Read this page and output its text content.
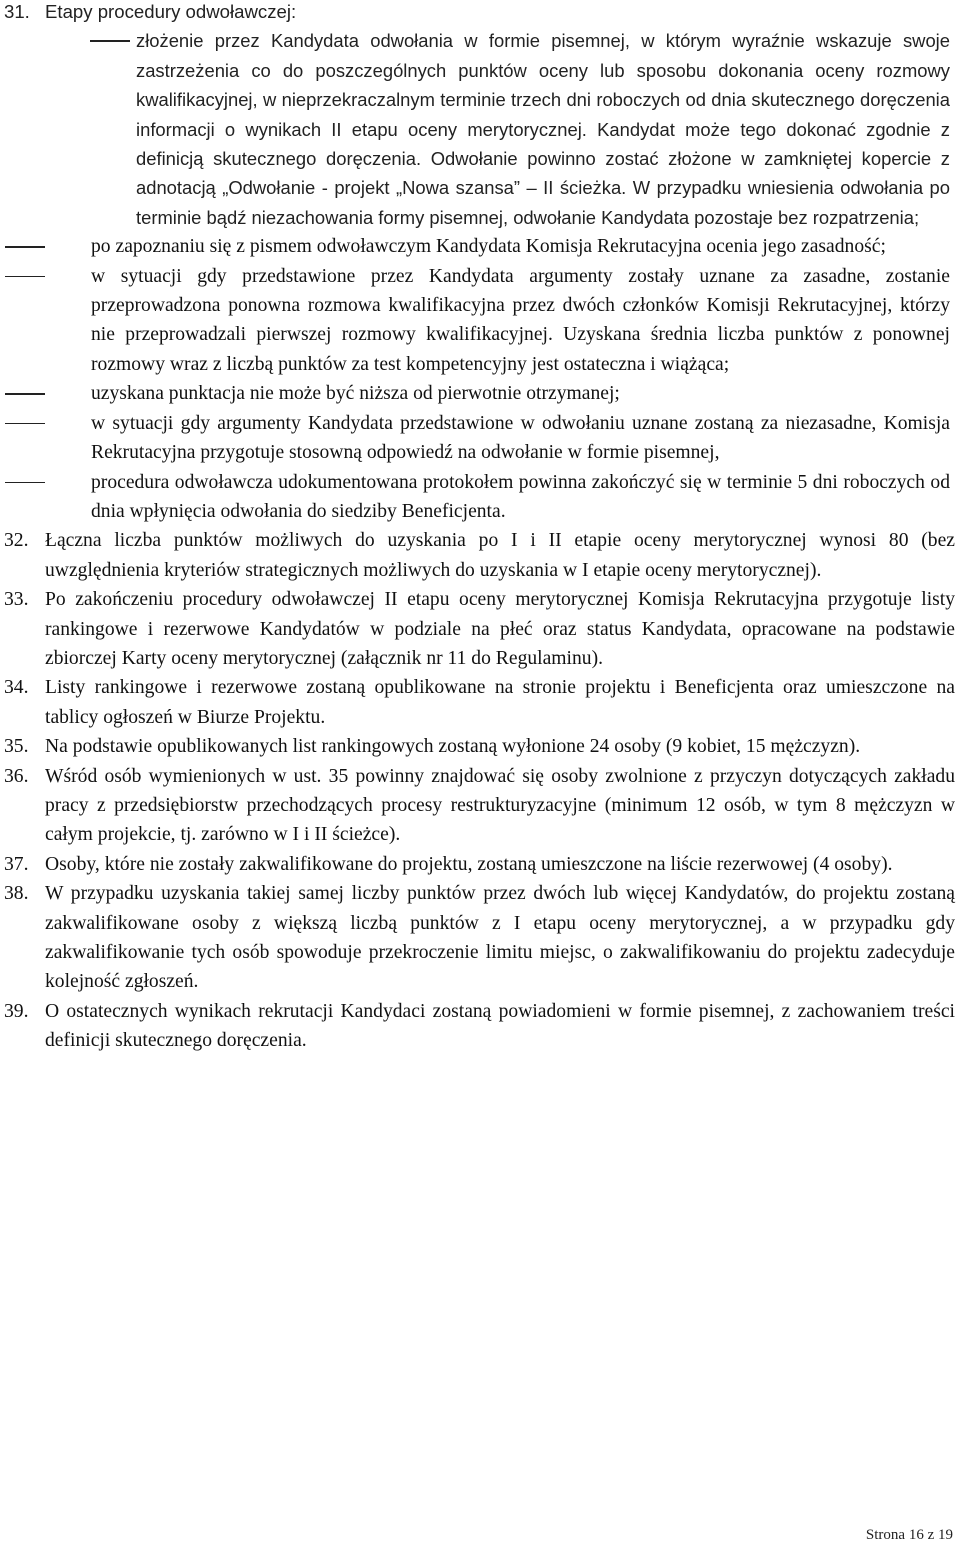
31. Etapy procedury odwoławczej:
złożenie przez Kandydata odwołania w formie pisemnej, w którym wyraźnie wskazuje swoje zastrzeżenia co do poszczególnych punktów oceny lub sposobu dokonania oceny rozmowy kwalifikacyjnej, w nieprzekraczalnym terminie trzech dni roboczych od dnia skutecznego doręczenia informacji o wynikach II etapu oceny merytorycznej. Kandydat może tego dokonać zgodnie z definicją skutecznego doręczenia. Odwołanie powinno zostać złożone w zamkniętej kopercie z adnotacją „Odwołanie - projekt „Nowa szansa” – II ścieżka. W przypadku wniesienia odwołania po terminie bądź niezachowania formy pisemnej, odwołanie Kandydata pozostaje bez rozpatrzenia;
po zapoznaniu się z pismem odwoławczym Kandydata Komisja Rekrutacyjna ocenia jego zasadność;
w sytuacji gdy przedstawione przez Kandydata argumenty zostały uznane za zasadne, zostanie przeprowadzona ponowna rozmowa kwalifikacyjna przez dwóch członków Komisji Rekrutacyjnej, którzy nie przeprowadzali pierwszej rozmowy kwalifikacyjnej. Uzyskana średnia liczba punktów z ponownej rozmowy wraz z liczbą punktów za test kompetencyjny jest ostateczna i wiążąca;
uzyskana punktacja nie może być niższa od pierwotnie otrzymanej;
w sytuacji gdy argumenty Kandydata przedstawione w odwołaniu uznane zostaną za niezasadne, Komisja Rekrutacyjna przygotuje stosowną odpowiedź na odwołanie w formie pisemnej,
procedura odwoławcza udokumentowana protokołem powinna zakończyć się w terminie 5 dni roboczych od dnia wpłynięcia odwołania do siedziby Beneficjenta.
32. Łączna liczba punktów możliwych do uzyskania po I i II etapie oceny merytorycznej wynosi 80 (bez uwzględnienia kryteriów strategicznych możliwych do uzyskania w I etapie oceny merytorycznej).
33. Po zakończeniu procedury odwoławczej II etapu oceny merytorycznej Komisja Rekrutacyjna przygotuje listy rankingowe i rezerwowe Kandydatów w podziale na płeć oraz status Kandydata, opracowane na podstawie zbiorczej Karty oceny merytorycznej (załącznik nr 11 do Regulaminu).
34. Listy rankingowe i rezerwowe zostaną opublikowane na stronie projektu i Beneficjenta oraz umieszczone na tablicy ogłoszeń w Biurze Projektu.
35. Na podstawie opublikowanych list rankingowych zostaną wyłonione 24 osoby (9 kobiet, 15 mężczyzn).
36. Wśród osób wymienionych w ust. 35 powinny znajdować się osoby zwolnione z przyczyn dotyczących zakładu pracy z przedsiębiorstw przechodzących procesy restrukturyzacyjne (minimum 12 osób, w tym 8 mężczyzn w całym projekcie, tj. zarówno w I i II ścieżce).
37. Osoby, które nie zostały zakwalifikowane do projektu, zostaną umieszczone na liście rezerwowej (4 osoby).
38. W przypadku uzyskania takiej samej liczby punktów przez dwóch lub więcej Kandydatów, do projektu zostaną zakwalifikowane osoby z większą liczbą punktów z I etapu oceny merytorycznej, a w przypadku gdy zakwalifikowanie tych osób spowoduje przekroczenie limitu miejsc, o zakwalifikowaniu do projektu zadecyduje kolejność zgłoszeń.
39. O ostatecznych wynikach rekrutacji Kandydaci zostaną powiadomieni w formie pisemnej, z zachowaniem treści definicji skutecznego doręczenia.
Strona 16 z 19
